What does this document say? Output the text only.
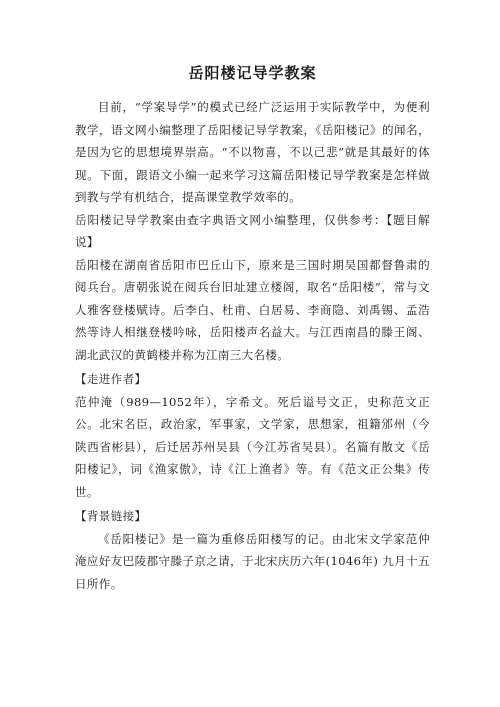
岳阳楼记导学教案

目前，“学案导学”的模式已经广泛运用于实际教学中，为便利教学，语文网小编整理了岳阳楼记导学教案，《岳阳楼记》的闻名，是因为它的思想境界崇高。“不以物喜，不以己悲”就是其最好的体现。下面，跟语文小编一起来学习这篇岳阳楼记导学教案是怎样做到教与学有机结合，提高课堂教学效率的。

岳阳楼记导学教案由查字典语文网小编整理，仅供参考：【题目解说】

岳阳楼在湖南省岳阳市巴丘山下，原来是三国时期吴国都督鲁肃的阅兵台。唐朝张说在阅兵台旧址建立楼阁，取名“岳阳楼”，常与文人雅客登楼赋诗。后李白、杜甫、白居易、李商隐、刘禹锡、孟浩然等诗人相继登楼吟咏，岳阳楼声名益大。与江西南昌的滕王阁、湖北武汉的黄鹤楼并称为江南三大名楼。

【走进作者】

范仲淹（989—1052年），字希文。死后谥号文正，史称范文正公。北宋名臣，政治家，军事家，文学家，思想家，祖籍邠州（今陕西省彬县），后迁居苏州吴县（今江苏省吴县）。名篇有散文《岳阳楼记》，词《渔家傲》，诗《江上渔者》等。有《范文正公集》传世。

【背景链接】

《岳阳楼记》是一篇为重修岳阳楼写的记。由北宋文学家范仲淹应好友巴陵郡守滕子京之请，于北宋庆历六年(1046年) 九月十五日所作。
